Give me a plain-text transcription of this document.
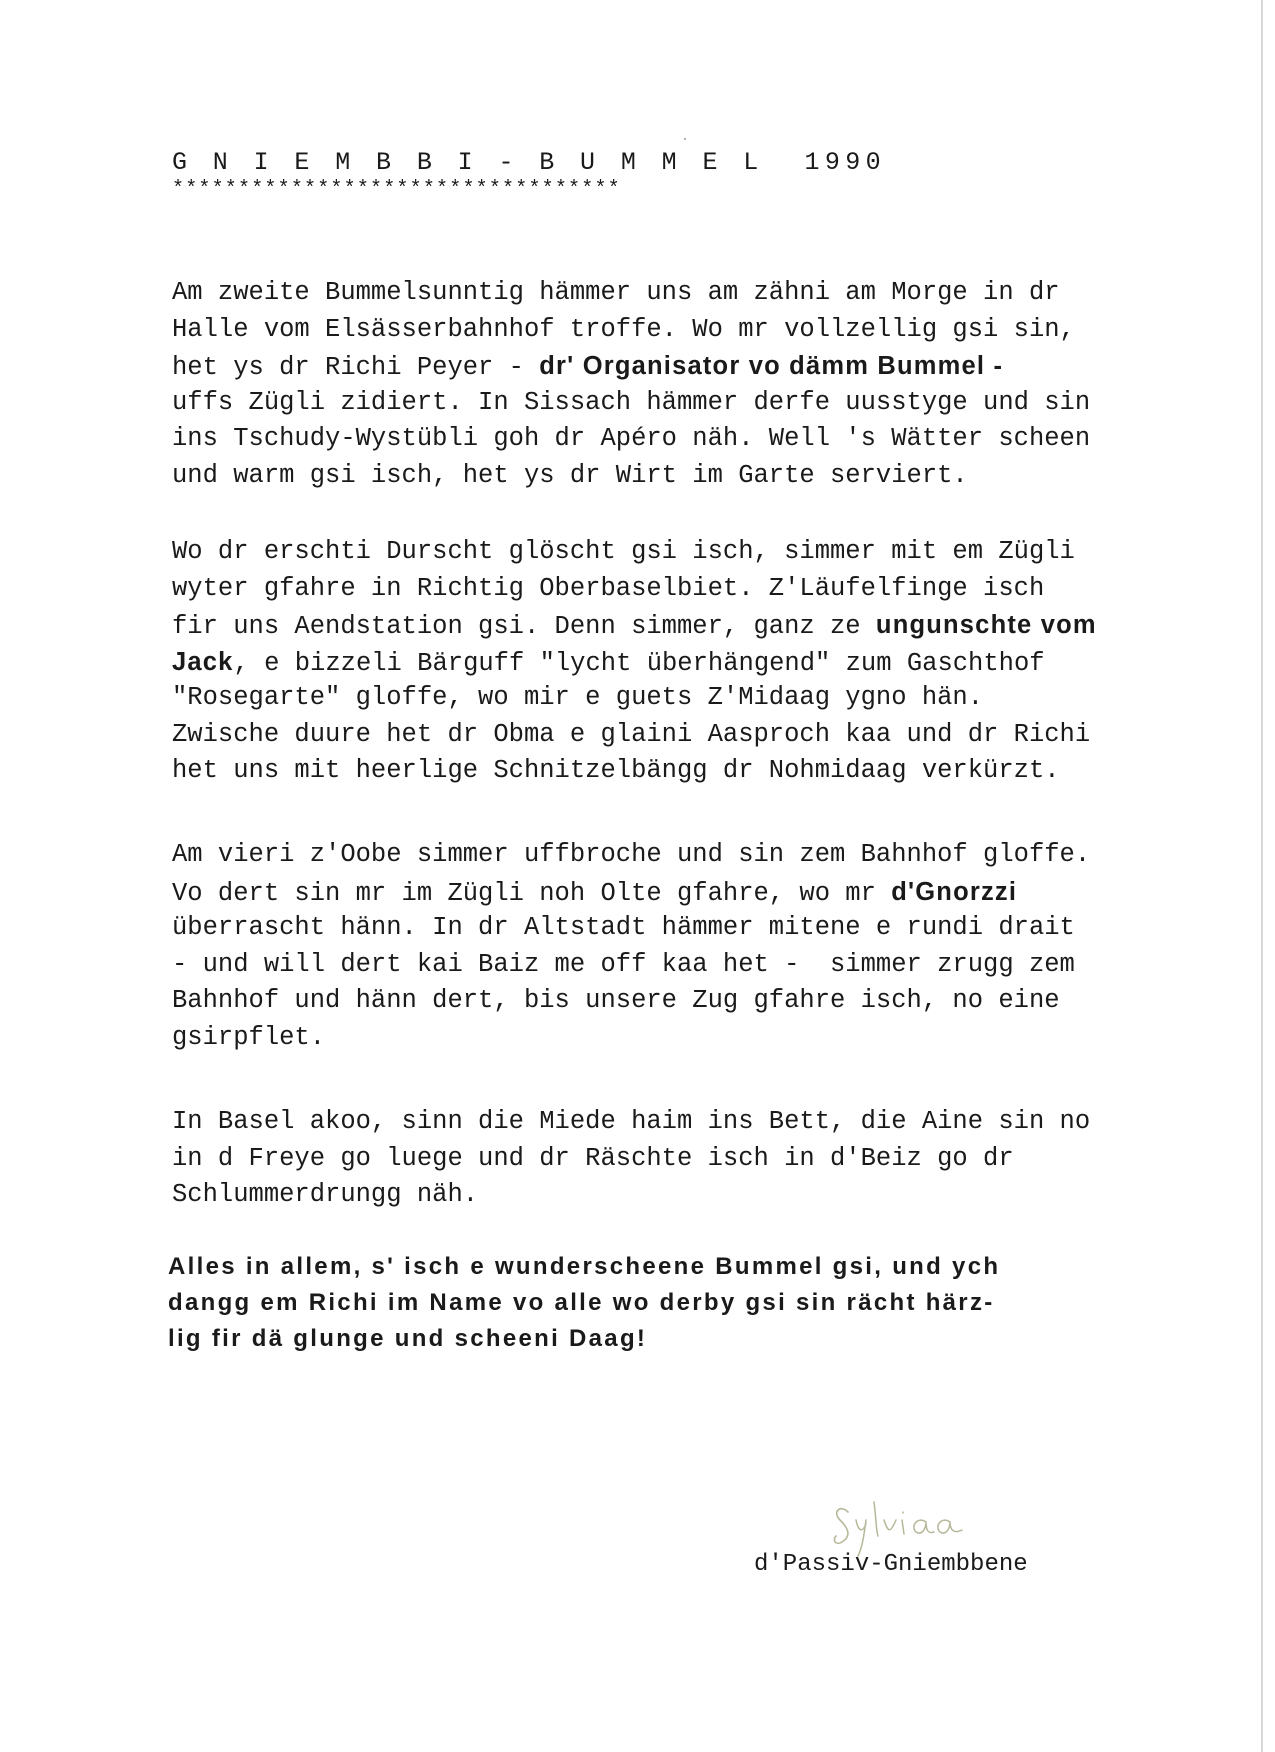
G N I E M B B I - B U M M E L  1990
**********************************
Am zweite Bummelsunntig hämmer uns am zähni am Morge in dr
Halle vom Elsässerbahnhof troffe. Wo mr vollzellig gsi sin,
het ys dr Richi Peyer - dr' Organisator vo dämm Bummel -
uffs Zügli zidiert. In Sissach hämmer derfe uusstyge und sin
ins Tschudy-Wystübli goh dr Apéro näh. Well 's Wätter scheen
und warm gsi isch, het ys dr Wirt im Garte serviert.
Wo dr erschti Durscht glöscht gsi isch, simmer mit em Zügli
wyter gfahre in Richtig Oberbaselbiet. Z'Läufelfinge isch
fir uns Aendstation gsi. Denn simmer, ganz ze ungunschte vom
Jack, e bizzeli Bärguff "lycht überhängend" zum Gaschthof
"Rosegarte" gloffe, wo mir e guets Z'Midaag ygno hän.
Zwische duure het dr Obma e glaini Aasproch kaa und dr Richi
het uns mit heerlige Schnitzelbängg dr Nohmidaag verkürzt.
Am vieri z'Oobe simmer uffbroche und sin zem Bahnhof gloffe.
Vo dert sin mr im Zügli noh Olte gfahre, wo mr d'Gnorzzi
überrascht hänn. In dr Altstadt hämmer mitene e rundi drait
- und will dert kai Baiz me off kaa het -  simmer zrugg zem
Bahnhof und hänn dert, bis unsere Zug gfahre isch, no eine
gsirpflet.
In Basel akoo, sinn die Miede haim ins Bett, die Aine sin no
in d Freye go luege und dr Räschte isch in d'Beiz go dr
Schlummerdrungg näh.
Alles in allem, s' isch e wunderscheene Bummel gsi, und ych
dangg em Richi im Name vo alle wo derby gsi sin rächt härz-
lig fir dä glunge und scheeni Daag!
d'Passiv-Gniembbene
